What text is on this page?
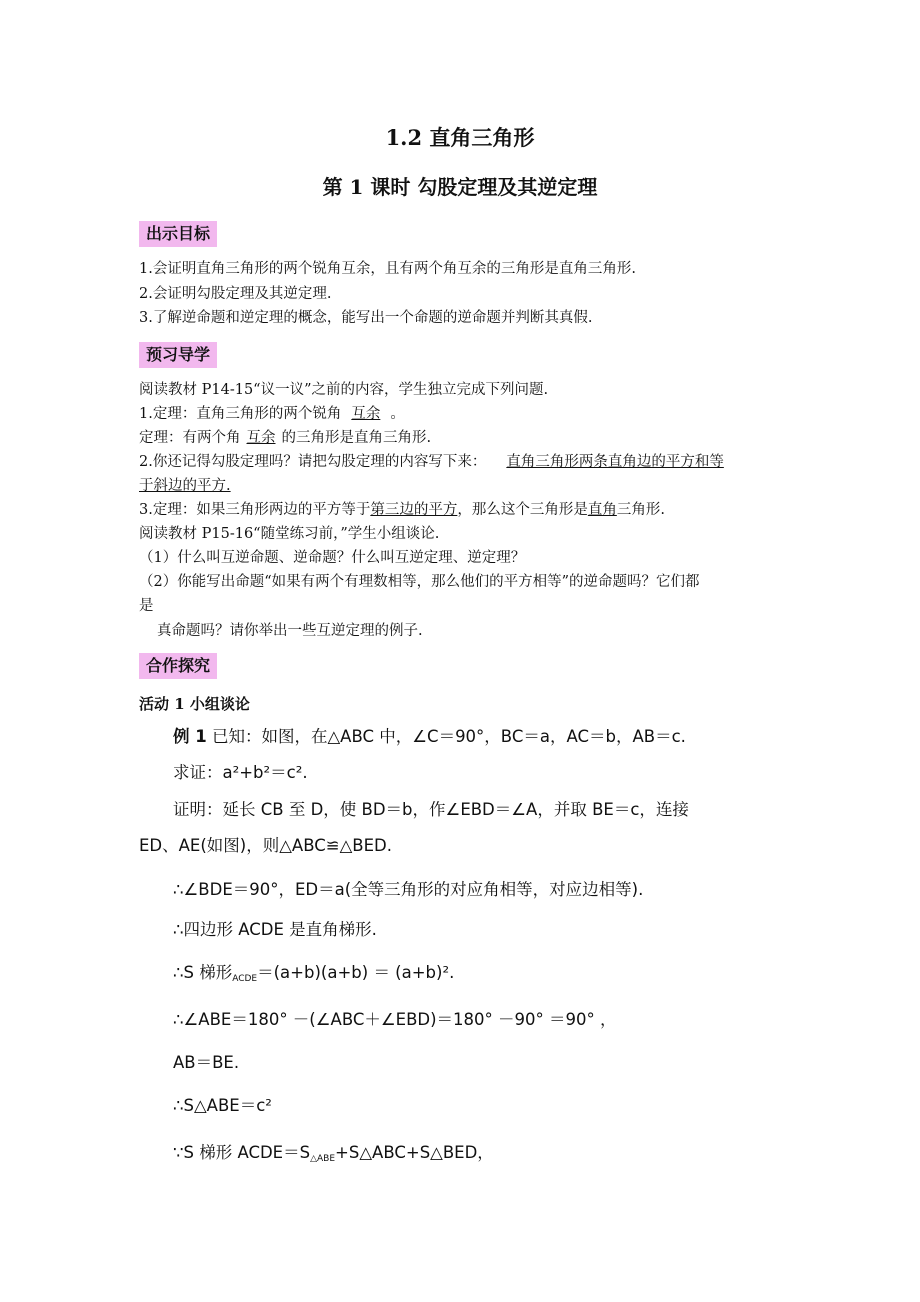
1.2 直角三角形
第 1 课时 勾股定理及其逆定理
出示目标
1.会证明直角三角形的两个锐角互余，且有两个角互余的三角形是直角三角形.
2.会证明勾股定理及其逆定理.
3.了解逆命题和逆定理的概念，能写出一个命题的逆命题并判断其真假.
预习导学
阅读教材 P14-15“议一议”之前的内容，学生独立完成下列问题.
1.定理：直角三角形的两个锐角 互余 。
定理：有两个角 互余 的三角形是直角三角形.
2.你还记得勾股定理吗？请把勾股定理的内容写下来： 直角三角形两条直角边的平方和等
于斜边的平方.
3.定理：如果三角形两边的平方等于第三边的平方，那么这个三角形是直角三角形.
阅读教材 P15-16“随堂练习前，”学生小组谈论.
（1）什么叫互逆命题、逆命题？什么叫互逆定理、逆定理？
（2）你能写出命题“如果有两个有理数相等，那么他们的平方相等”的逆命题吗？它们都
是
真命题吗？请你举出一些互逆定理的例子.
合作探究
活动 1 小组谈论
例 1 已知：如图，在△ABC 中，∠C＝90°，BC＝a，AC＝b，AB＝c.
求证：a²+b²＝c².
证明：延长 CB 至 D，使 BD＝b，作∠EBD＝∠A，并取 BE＝c，连接
ED、AE(如图)，则△ABC≌△BED.
∴∠BDE＝90°，ED＝a(全等三角形的对应角相等，对应边相等).
∴四边形 ACDE 是直角梯形.
∴S 梯形$_{ACDE}$＝(a+b)(a+b) ＝ (a+b)².
∴∠ABE＝180° －(∠ABC＋∠EBD)＝180° －90° ＝90° ，
AB＝BE.
∴S△ABE＝c²
∵S 梯形 $ACDE=S_{\triangle ABE}+S\triangle ABC+S\triangle BED$，
